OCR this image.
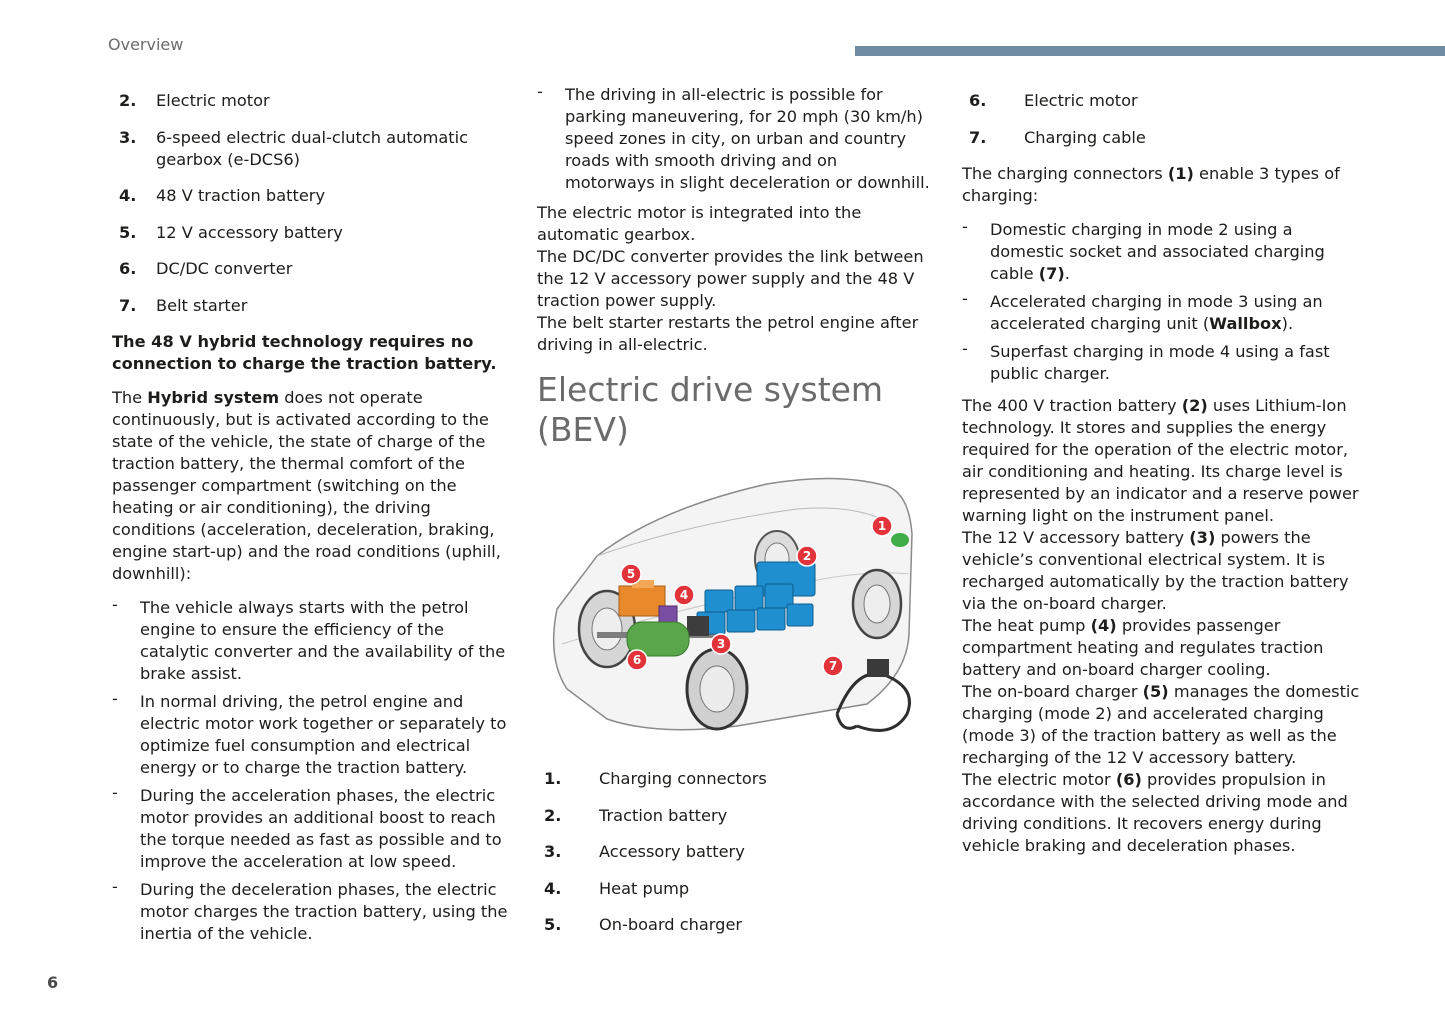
Overview
2.	Electric motor
3.	6-speed electric dual-clutch automatic gearbox (e-DCS6)
4.	48 V traction battery
5.	12 V accessory battery
6.	DC/DC converter
7.	Belt starter

The 48 V hybrid technology requires no connection to charge the traction battery.

The Hybrid system does not operate continuously, but is activated according to the state of the vehicle, the state of charge of the traction battery, the thermal comfort of the passenger compartment (switching on the heating or air conditioning), the driving conditions (acceleration, deceleration, braking, engine start-up) and the road conditions (uphill, downhill):

- The vehicle always starts with the petrol engine to ensure the efficiency of the catalytic converter and the availability of the brake assist.
- In normal driving, the petrol engine and electric motor work together or separately to optimize fuel consumption and electrical energy or to charge the traction battery.
- During the acceleration phases, the electric motor provides an additional boost to reach the torque needed as fast as possible and to improve the acceleration at low speed.
- During the deceleration phases, the electric motor charges the traction battery, using the inertia of the vehicle.
- The driving in all-electric is possible for parking maneuvering, for 20 mph (30 km/h) speed zones in city, on urban and country roads with smooth driving and on motorways in slight deceleration or downhill.

The electric motor is integrated into the automatic gearbox.

The DC/DC converter provides the link between the 12 V accessory power supply and the 48 V traction power supply.

The belt starter restarts the petrol engine after driving in all-electric.

Electric drive system (BEV)
1
2
3
4
5
6	7
1.	Charging connectors
2.	Traction battery
3.	Accessory battery
4.	Heat pump
5.	On-board charger
6.	Electric motor
7.	Charging cable

The charging connectors (1) enable 3 types of charging:

- Domestic charging in mode 2 using a domestic socket and associated charging cable (7).
- Accelerated charging in mode 3 using an accelerated charging unit (Wallbox).
- Superfast charging in mode 4 using a fast public charger.

The 400 V traction battery (2) uses Lithium-Ion technology. It stores and supplies the energy required for the operation of the electric motor, air conditioning and heating. Its charge level is represented by an indicator and a reserve power warning light on the instrument panel.

The 12 V accessory battery (3) powers the vehicle’s conventional electrical system. It is recharged automatically by the traction battery via the on-board charger.

The heat pump (4) provides passenger compartment heating and regulates traction battery and on-board charger cooling.

The on-board charger (5) manages the domestic charging (mode 2) and accelerated charging (mode 3) of the traction battery as well as the recharging of the 12 V accessory battery.

The electric motor (6) provides propulsion in accordance with the selected driving mode and driving conditions. It recovers energy during vehicle braking and deceleration phases.

6
